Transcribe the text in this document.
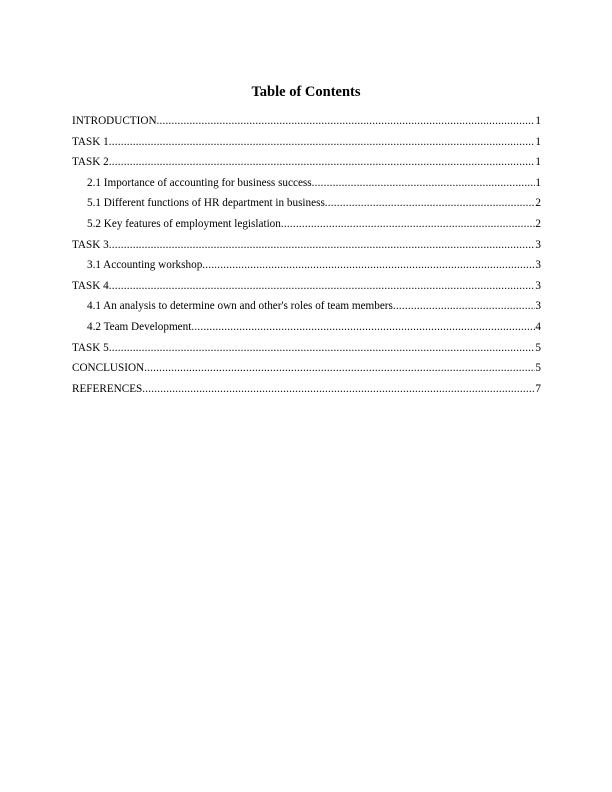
Table of Contents
INTRODUCTION .....	1
TASK 1 .....	1
TASK 2 .....	1
2.1 Importance of accounting for business success .....	1
5.1 Different functions of HR department in business .....	2
5.2 Key features of employment legislation .....	2
TASK 3 .....	3
3.1 Accounting workshop .....	3
TASK 4 .....	3
4.1 An analysis to determine own and other's roles of team members .....	3
4.2 Team Development .....	4
TASK 5 .....	5
CONCLUSION .....	5
REFERENCES .....	7
